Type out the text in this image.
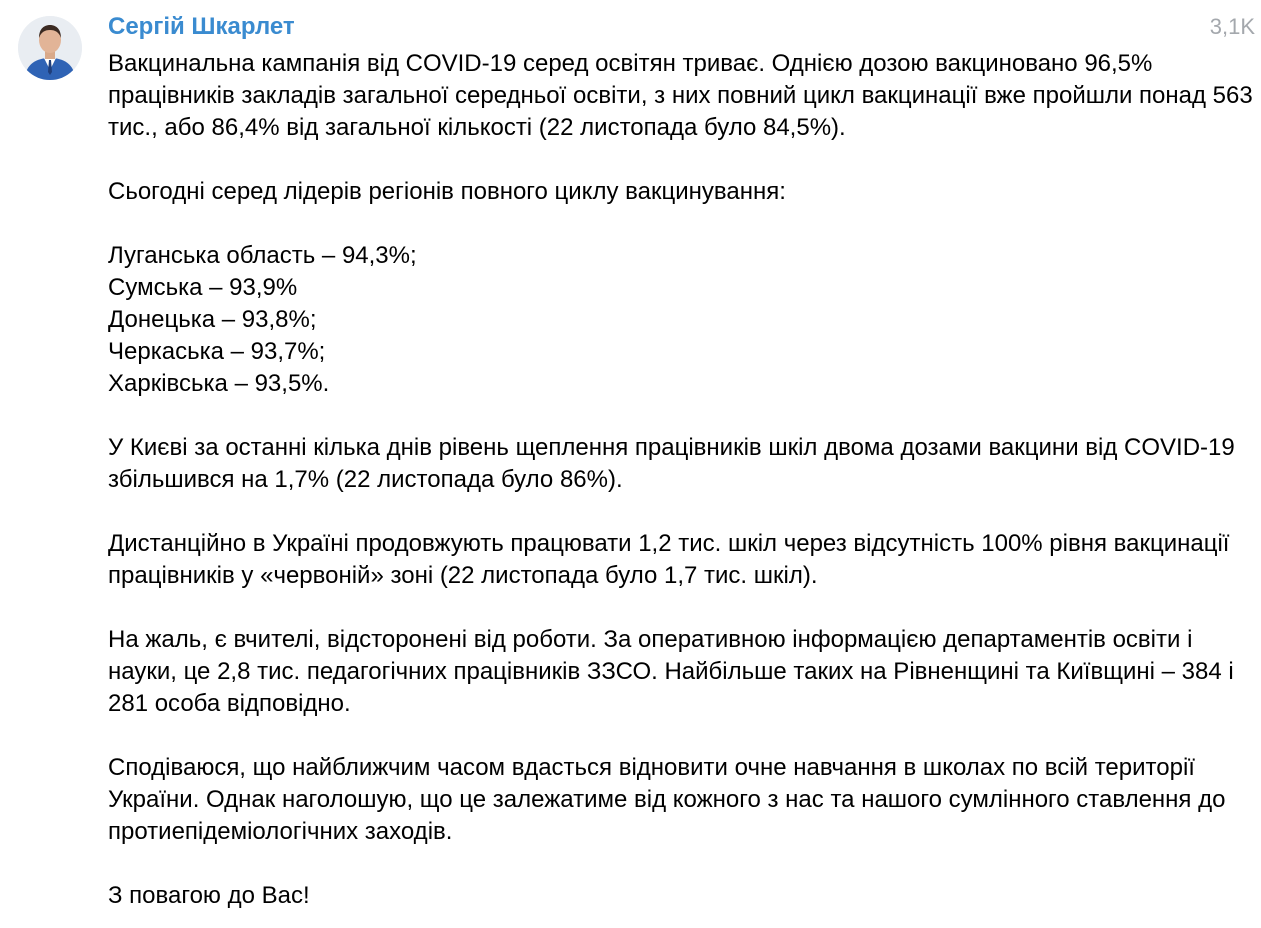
Сергій Шкарлет	3,1K

Вакцинальна кампанія від COVID-19 серед освітян триває. Однією дозою вакциновано 96,5% працівників закладів загальної середньої освіти, з них повний цикл вакцинації вже пройшли понад 563 тис., або 86,4% від загальної кількості (22 листопада було 84,5%).

Сьогодні серед лідерів регіонів повного циклу вакцинування:

Луганська область – 94,3%;
Сумська – 93,9%
Донецька – 93,8%;
Черкаська – 93,7%;
Харківська – 93,5%.

У Києві за останні кілька днів рівень щеплення працівників шкіл двома дозами вакцини від COVID-19 збільшився на 1,7% (22 листопада було 86%).

Дистанційно в Україні продовжують працювати 1,2 тис. шкіл через відсутність 100% рівня вакцинації працівників у «червоній» зоні (22 листопада було 1,7 тис. шкіл).

На жаль, є вчителі, відсторонені від роботи. За оперативною інформацією департаментів освіти і науки, це 2,8 тис. педагогічних працівників ЗЗСО. Найбільше таких на Рівненщині та Київщині – 384 і 281 особа відповідно.

Сподіваюся, що найближчим часом вдасться відновити очне навчання в школах по всій території України. Однак наголошую, що це залежатиме від кожного з нас та нашого сумлінного ставлення до протиепідеміологічних заходів.

З повагою до Вас!
